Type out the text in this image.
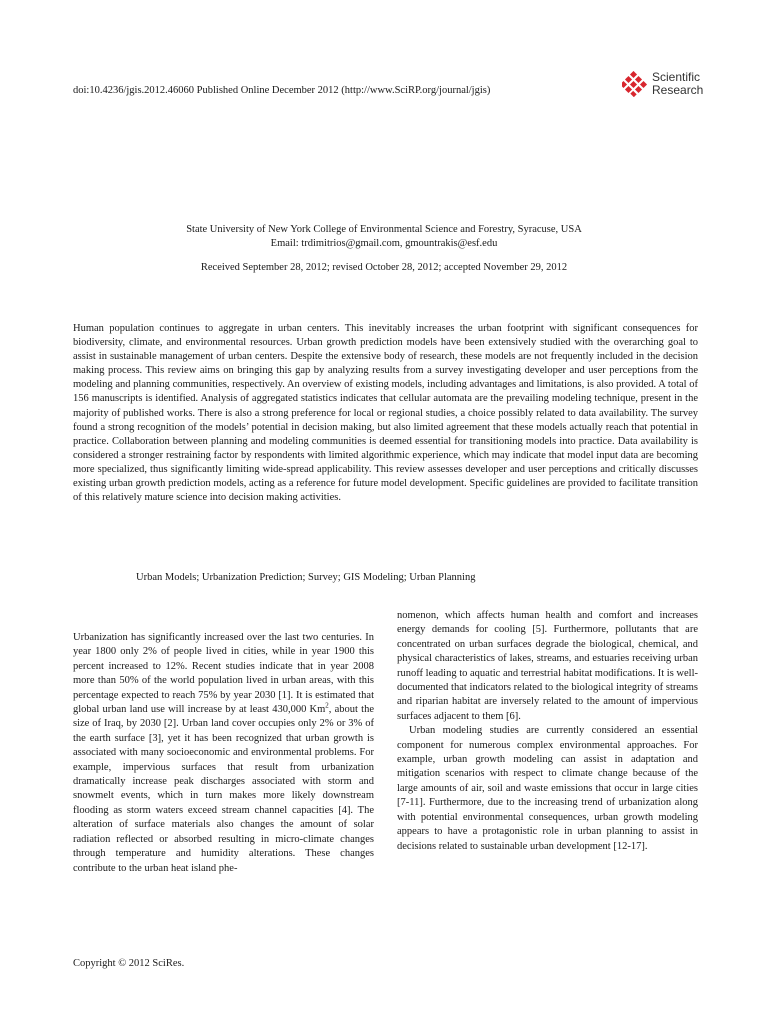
doi:10.4236/jgis.2012.46060 Published Online December 2012 (http://www.SciRP.org/journal/jgis)
Scientific
Research
State University of New York College of Environmental Science and Forestry, Syracuse, USA
Email: trdimitrios@gmail.com, gmountrakis@esf.edu
Received September 28, 2012; revised October 28, 2012; accepted November 29, 2012

Human population continues to aggregate in urban centers. This inevitably increases the urban footprint with significant consequences for biodiversity, climate, and environmental resources. Urban growth prediction models have been extensively studied with the overarching goal to assist in sustainable management of urban centers. Despite the extensive body of research, these models are not frequently included in the decision making process. This review aims on bringing this gap by analyzing results from a survey investigating developer and user perceptions from the modeling and planning communities, respectively. An overview of existing models, including advantages and limitations, is also provided. A total of 156 manuscripts is identified. Analysis of aggregated statistics indicates that cellular automata are the prevailing modeling technique, present in the majority of published works. There is also a strong preference for local or regional studies, a choice possibly related to data availability. The survey found a strong recognition of the models’ potential in decision making, but also limited agreement that these models actually reach that potential in practice. Collaboration between planning and modeling communities is deemed essential for transitioning models into practice. Data availability is considered a stronger restraining factor by respondents with limited algorithmic experience, which may indicate that model input data are becoming more specialized, thus significantly limiting wide-spread applicability. This review assesses developer and user perceptions and critically discusses existing urban growth prediction models, acting as a reference for future model development. Specific guidelines are provided to facilitate transition of this relatively mature science into decision making activities.

Urban Models; Urbanization Prediction; Survey; GIS Modeling; Urban Planning

Urbanization has significantly increased over the last two centuries. In year 1800 only 2% of people lived in cities, while in year 1900 this percent increased to 12%. Recent studies indicate that in year 2008 more than 50% of the world population lived in urban areas, with this percentage expected to reach 75% by year 2030 [1]. It is estimated that global urban land use will increase by at least 430,000 Km$^2$, about the size of Iraq, by 2030 [2]. Urban land cover occupies only 2% or 3% of the earth surface [3], yet it has been recognized that urban growth is associated with many socioeconomic and environmental problems. For example, impervious surfaces that result from urbanization dramatically increase peak discharges associated with storm and snowmelt events, which in turn makes more likely downstream flooding as storm waters exceed stream channel capacities [4]. The alteration of surface materials also changes the amount of solar radiation reflected or absorbed resulting in micro-climate changes through temperature and humidity alterations. These changes contribute to the urban heat island phe-

nomenon, which affects human health and comfort and increases energy demands for cooling [5]. Furthermore, pollutants that are concentrated on urban surfaces degrade the biological, chemical, and physical characteristics of lakes, streams, and estuaries receiving urban runoff leading to aquatic and terrestrial habitat modifications. It is well-documented that indicators related to the biological integrity of streams and riparian habitat are inversely related to the amount of impervious surfaces adjacent to them [6].

Urban modeling studies are currently considered an essential component for numerous complex environmental approaches. For example, urban growth modeling can assist in adaptation and mitigation scenarios with respect to climate change because of the large amounts of air, soil and waste emissions that occur in large cities [7-11]. Furthermore, due to the increasing trend of urbanization along with potential environmental consequences, urban growth modeling appears to have a protagonistic role in urban planning to assist in decisions related to sustainable urban development [12-17].

Copyright © 2012 SciRes.
